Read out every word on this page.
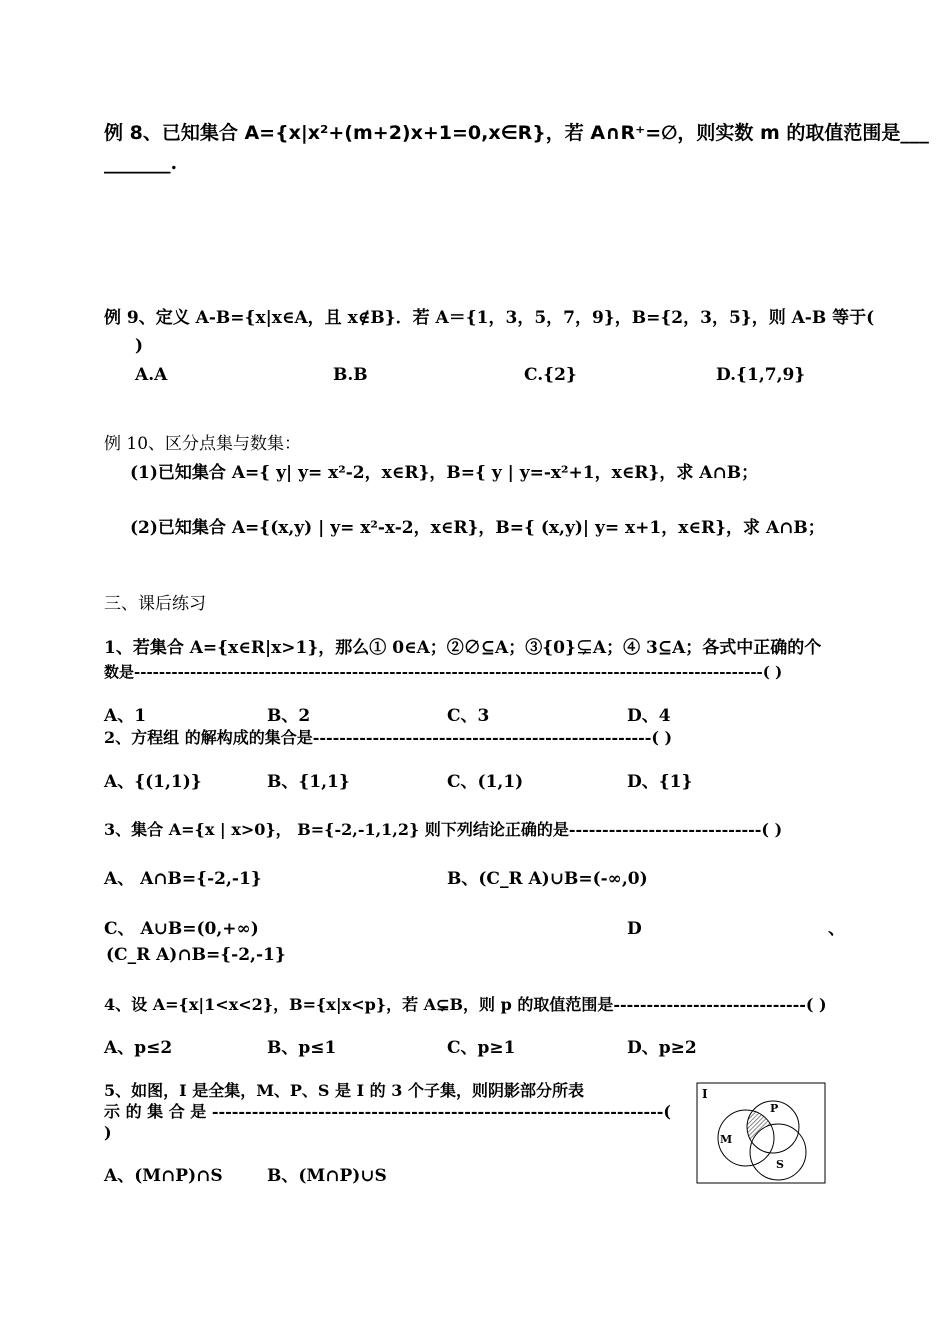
例 8、已知集合 A={x|x²+(m+2)x+1=0,x∈R}，若 A∩R⁺=∅，则实数 m 的取值范围是___
_______.
例 9、定义 A-B={x|x∈A，且 x∉B}．若 A＝{1，3，5，7，9}，B={2，3，5}，则 A-B 等于(
)
A.A	B.B	C.{2}	D.{1,7,9}
例 10、区分点集与数集：
(1)已知集合 A={ y| y= x²-2，x∈R}，B={ y | y=-x²+1，x∈R}，求 A∩B；
(2)已知集合 A={(x,y) | y= x²-x-2，x∈R}，B={ (x,y)| y= x+1，x∈R}，求 A∩B；
三、课后练习
1、若集合 A={x∈R|x>1}，那么① 0∈A；②∅⊆A；③{0}⊊A；④ 3⊆A；各式中正确的个
数是-----------------------------------------------------------------------------------------------------( )
A、1	B、2	C、3	D、4
2、方程组 的解构成的集合是---------------------------------------------------( )
A、{(1,1)}	B、{1,1}	C、(1,1)	D、{1}
3、集合 A={x | x>0}， B={-2,-1,1,2} 则下列结论正确的是-----------------------------( )
A、 A∩B={-2,-1}	B、(C_R A)∪B=(-∞,0)
C、 A∪B=(0,+∞)	D	、
(C_R A)∩B={-2,-1}
4、设 A={x|1<x<2}，B={x|x<p}，若 A⊊B，则 p 的取值范围是-----------------------------( )
A、p≤2	B、p≤1	C、p≥1	D、p≥2
5、如图，I 是全集，M、P、S 是 I 的 3 个子集，则阴影部分所表
示 的 集 合 是 --------------------------------------------------------------------(
)
A、(M∩P)∩S	B、(M∩P)∪S
I
P
M
S
